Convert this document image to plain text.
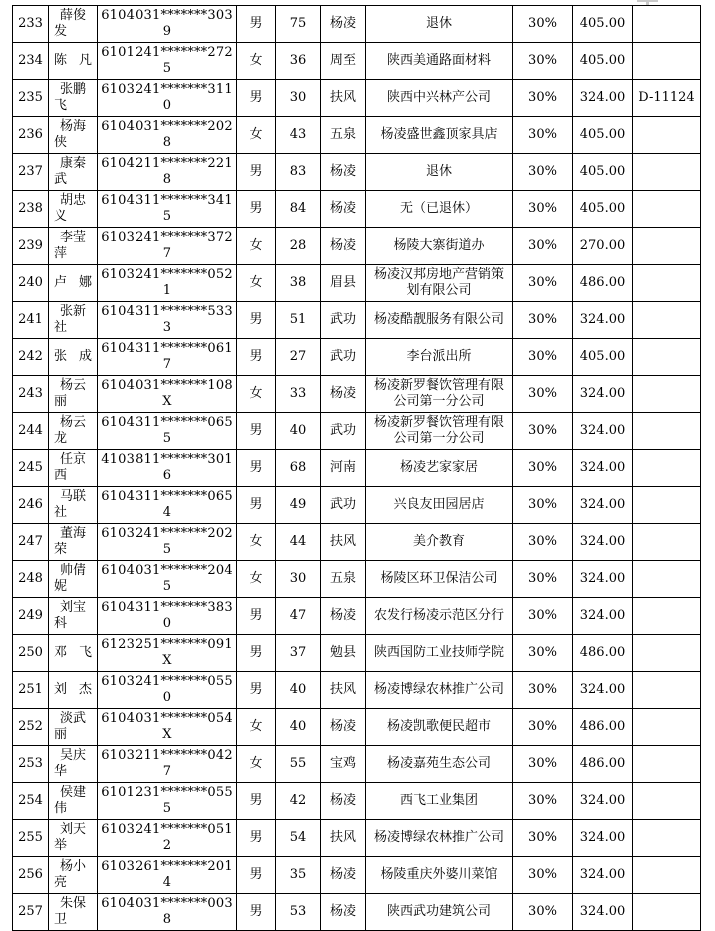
233	薛俊发	6104031*******3039	男	75	杨凌	退休	30%	405.00	
234	陈凡	6101241*******2725	女	36	周至	陕西美通路面材料	30%	405.00	
235	张鹏飞	6103241*******3110	男	30	扶风	陕西中兴林产公司	30%	324.00	D-11124
236	杨海侠	6104031*******2028	女	43	五泉	杨凌盛世鑫顶家具店	30%	405.00	
237	康秦武	6104211*******2218	男	83	杨凌	退休	30%	405.00	
238	胡忠义	6104311*******3415	男	84	杨凌	无（已退休）	30%	405.00	
239	李莹萍	6103241*******3727	女	28	杨凌	杨陵大寨街道办	30%	270.00	
240	卢娜	6103241*******0521	女	38	眉县	杨凌汉邦房地产营销策划有限公司	30%	486.00	
241	张新社	6104311*******5333	男	51	武功	杨凌酷靓服务有限公司	30%	324.00	
242	张成	6104311*******0617	男	27	武功	李台派出所	30%	405.00	
243	杨云丽	6104031*******108X	女	33	杨凌	杨凌新罗餐饮管理有限公司第一分公司	30%	324.00	
244	杨云龙	6104311*******0655	男	40	武功	杨凌新罗餐饮管理有限公司第一分公司	30%	324.00	
245	任京西	4103811*******3016	男	68	河南	杨凌艺家家居	30%	324.00	
246	马联社	6104311*******0654	男	49	武功	兴良友田园居店	30%	324.00	
247	董海荣	6103241*******2025	女	44	扶风	美介教育	30%	324.00	
248	帅倩妮	6104031*******2045	女	30	五泉	杨陵区环卫保洁公司	30%	324.00	
249	刘宝科	6104311*******3830	男	47	杨凌	农发行杨凌示范区分行	30%	324.00	
250	邓飞	6123251*******091X	男	37	勉县	陕西国防工业技师学院	30%	486.00	
251	刘杰	6103241*******0550	男	40	扶风	杨凌博绿农林推广公司	30%	324.00	
252	淡武丽	6104031*******054X	女	40	杨凌	杨凌凯歌便民超市	30%	486.00	
253	吴庆华	6103211*******0427	女	55	宝鸡	杨凌嘉苑生态公司	30%	486.00	
254	侯建伟	6101231*******0555	男	42	杨凌	西飞工业集团	30%	324.00	
255	刘天举	6103241*******0512	男	54	扶风	杨凌博绿农林推广公司	30%	324.00	
256	杨小亮	6103261*******2014	男	35	杨凌	杨陵重庆外婆川菜馆	30%	324.00	
257	朱保卫	6104031*******0038	男	53	杨凌	陕西武功建筑公司	30%	324.00	
